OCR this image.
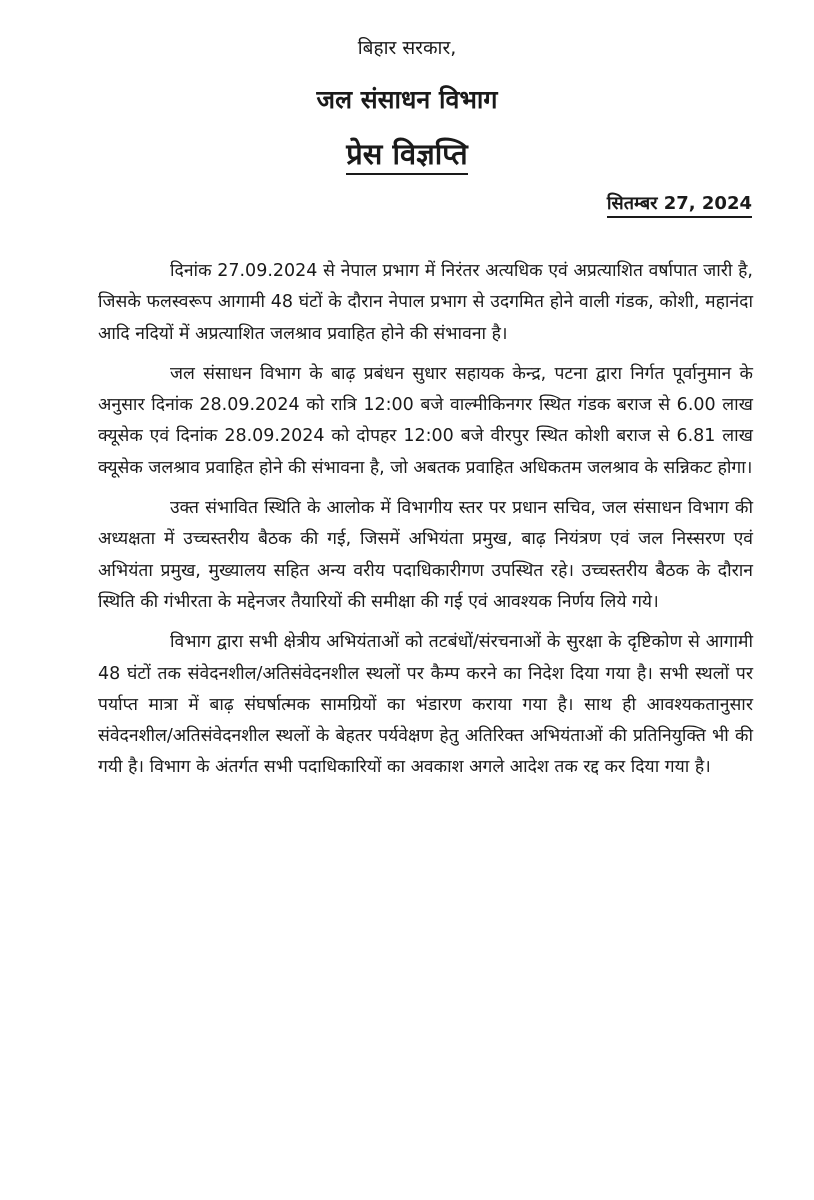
बिहार सरकार,
जल संसाधन विभाग
प्रेस विज्ञप्ति
सितम्बर 27, 2024

दिनांक 27.09.2024 से नेपाल प्रभाग में निरंतर अत्यधिक एवं अप्रत्याशित वर्षापात जारी है, जिसके फलस्वरूप आगामी 48 घंटों के दौरान नेपाल प्रभाग से उदगमित होने वाली गंडक, कोशी, महानंदा आदि नदियों में अप्रत्याशित जलश्राव प्रवाहित होने की संभावना है।

जल संसाधन विभाग के बाढ़ प्रबंधन सुधार सहायक केन्द्र, पटना द्वारा निर्गत पूर्वानुमान के अनुसार दिनांक 28.09.2024 को रात्रि 12:00 बजे वाल्मीकिनगर स्थित गंडक बराज से 6.00 लाख क्यूसेक एवं दिनांक 28.09.2024 को दोपहर 12:00 बजे वीरपुर स्थित कोशी बराज से 6.81 लाख क्यूसेक जलश्राव प्रवाहित होने की संभावना है, जो अबतक प्रवाहित अधिकतम जलश्राव के सन्निकट होगा।

उक्त संभावित स्थिति के आलोक में विभागीय स्तर पर प्रधान सचिव, जल संसाधन विभाग की अध्यक्षता में उच्चस्तरीय बैठक की गई, जिसमें अभियंता प्रमुख, बाढ़ नियंत्रण एवं जल निस्सरण एवं अभियंता प्रमुख, मुख्यालय सहित अन्य वरीय पदाधिकारीगण उपस्थित रहे। उच्चस्तरीय बैठक के दौरान स्थिति की गंभीरता के मद्देनजर तैयारियों की समीक्षा की गई एवं आवश्यक निर्णय लिये गये।

विभाग द्वारा सभी क्षेत्रीय अभियंताओं को तटबंधों/संरचनाओं के सुरक्षा के दृष्टिकोण से आगामी 48 घंटों तक संवेदनशील/अतिसंवेदनशील स्थलों पर कैम्प करने का निदेश दिया गया है। सभी स्थलों पर पर्याप्त मात्रा में बाढ़ संघर्षात्मक सामग्रियों का भंडारण कराया गया है। साथ ही आवश्यकतानुसार संवेदनशील/अतिसंवेदनशील स्थलों के बेहतर पर्यवेक्षण हेतु अतिरिक्त अभियंताओं की प्रतिनियुक्ति भी की गयी है। विभाग के अंतर्गत सभी पदाधिकारियों का अवकाश अगले आदेश तक रद्द कर दिया गया है।
